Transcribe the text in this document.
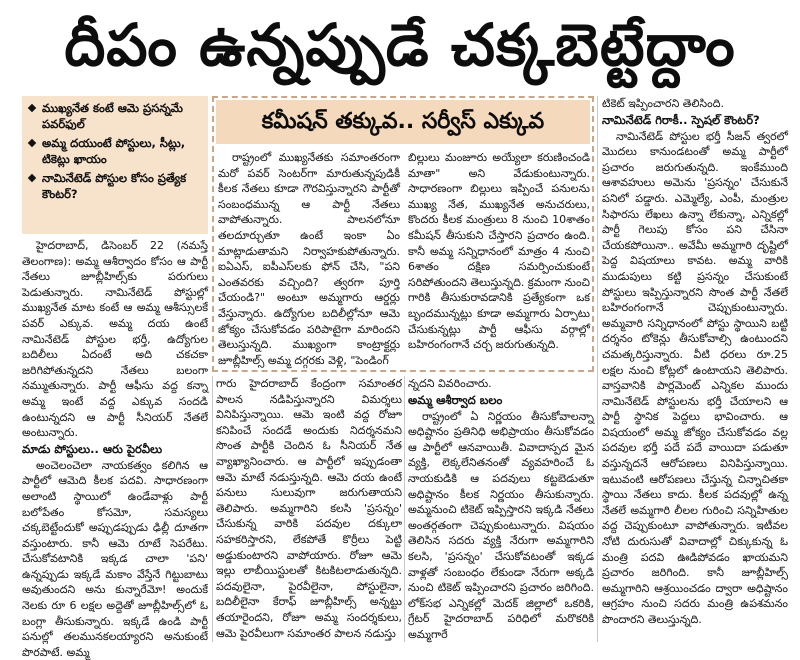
దీపం ఉన్నప్పుడే చక్కబెట్టేద్దాం
ముఖ్యనేత కంటే ఆమె ప్రసన్నమే పవర్‌ఫుల్
అమ్మ దయుంటే పోస్టులు, సీట్లు, టికెట్లు ఖాయం
నామినేటెడ్ పోస్టుల కోసం ప్రత్యేక కౌంటర్?

హైదరాబాద్, డిసెంబర్ 22 (నమస్తే తెలంగాణ): అమ్మ ఆశీర్వాదం కోసం ఆ పార్టీ నేతలు జూబ్లీహిల్స్‌కు పరుగులు పెడుతున్నారు. నామినేటెడ్ పోస్టుల్లో ముఖ్యనేత మాట కంటే ఆ అమ్మ ఆశీస్సులకే పవర్ ఎక్కువ. అమ్మ దయ ఉంటే నామినేటెడ్ పోస్టుల భర్తీ, ఉద్యోగుల బదిలీలు ఏదంటే అది చకచకా జరిగిపోతున్నదని నేతలు బలంగా నమ్ముతున్నారు. పార్టీ ఆఫీసు వద్ద కన్నా అమ్మ ఇంటే వద్ద ఎక్కువ సందడి ఉంటున్నదని ఆ పార్టీ సీనియర్ నేతలే అంటున్నారు.

మాడు పోస్టులు.. ఆరు పైరవీలు

అంచెలంచెలా నాయకత్వం కలిగిన ఆ పార్టీలో ఆమెది కీలక పదవి. సాధారణంగా అలాంటి స్థాయిలో ఉండేవాళ్లు పార్టీ బలోపేతం కోసమో, సమస్యలు చక్కబెట్టేందుకో అప్పుడప్పుడు ఢిల్లీ దూతగా వస్తుంటారు. కానీ ఆమె రూటే సెపరేటు. చేసుకోవటానికి ఇక్కడ చాలా 'పని' ఉన్నప్పుడు ఇక్కడే మకాం వేస్తేనే గిట్టుబాటు అవుతుందని అను కున్నారేమో! అందుకే నెలకు రూ 6 లక్షల అద్దెతో జూబ్లీహిల్స్‌లో ఓ బంగ్లా తీసుకున్నారు. ఇక్కడే ఉండి పార్టీ పనుల్లో తలమునకలయ్యారని అనుకుంటే పొరపాటే. అమ్మ

కమీషన్ తక్కువ.. సర్వీస్ ఎక్కువ

రాష్ట్రంలో ముఖ్యనేతకు సమాంతరంగా మరో పవర్ సెంటర్‌గా మారుతున్నపుడికీ కీలక నేతలు కూడా గౌరవిస్తున్నారని పార్టీతో సంబంధమున్న ఆ పార్టీ నేతలు వాపోతున్నారు. పాలనలోనూ తలదూర్చుతూ ఉంటే ఇంకా ఏం మాట్లాడుతామని నిర్వాహకుపోతున్నారు. ఐఏఎస్, ఐపీఎస్‌లకు ఫోన్ చేసి, "పని ఎంతవరకు వచ్చింది? త్వరగా పూర్తి చేయండి?" అంటూ అమ్మగారు ఆర్డర్లు వేస్తున్నారు. ఉద్యోగుల బదిలీల్లోనూ ఆమె జోక్యం చేసుకోవడం పరిపాటైగా మారిందని తెలుస్తున్నది. ముఖ్యంగా కాంట్రాక్టర్లు జూబ్లీహిల్స్ అమ్మ దగ్గరకు వెళ్లి, "పెండింగ్

బిల్లులు మంజూరు అయ్యేలా కరుణించండి మాతా" అని వేడుకుంటున్నారు. సాధారణంగా బిల్లులు ఇప్పించే పనులను ముఖ్య నేత, ముఖ్యనేత అనుచరులు, కొందరు కీలక మంత్రులు 8 నుంచి 10శాతం కమీషన్ తీసుకుని చేస్తారని ప్రచారం ఉంది. కానీ అమ్మ సన్నిధానంలో మాత్రం 4 నుంచి 6శాతం దక్షిణ సమర్పించుకుంటే సరిపోతుందని తెలుస్తున్నది. క్రమంగా నుంచి గారికి తీసుకురావడానికి ప్రత్యేకంగా ఒక బృందమున్నట్లు కూడా అమ్మగారు ఏర్పాటు చేసుకున్నట్లు పార్టీ ఆఫీసు వర్గాల్లో బహిరంగంగానే చర్చ జరుగుతున్నది.

గారు హైదరాబాద్ కేంద్రంగా సమాంతర పాలన నడిపిస్తున్నారని విమర్శలు వినిపిస్తున్నాయి. ఆమె ఇంటి వద్ద రోజూ కనిపించే సందడే అందుకు నిదర్శనమని సొంత పార్టీకి చెందిన ఓ సీనియర్ నేత వ్యాఖ్యానించారు. ఆ పార్టీలో ఇప్పుడంతా ఆమె మాటే నడుస్తున్నది. ఆమె దయ ఉంటే పనులు సులువుగా జరుగుతాయని తెలిపారు. అమ్మగారిని కలసి 'ప్రసన్నం' చేసుకున్న వారికి పదవుల దక్కులా సహకరిస్తారని, లేకపోతే కొర్రీలు పెట్టి అడ్డుకుంటారని వాపోయారు. రోజూ ఆమె ఇల్లు లాబీయిస్టులతో కిటకిటలాడుతున్నది. పదవులైనా, పైరవీలైనా, పోస్టులైనా, బదిలీలైనా కేరాఫ్ జూబ్లీహిల్స్ అన్నట్టు తయారైందని, రోజూ అమ్మ సందర్శకులు, ఆమె పైరవీలుగా సమాంతర పాలన నడుస్తు

న్నదని వివరించారు.

అమ్మ ఆశీర్వాద బలం

రాష్ట్రంలో ఏ నిర్ణయం తీసుకోవాలన్నా అధిష్టానం ప్రతినిధి అభిప్రాయం తీసుకోవడం ఆ పార్టీలో ఆనవాయితీ. వివాదాస్పద మైన వ్యక్తి, లెక్కలేనితనంతో వ్యవహరించే ఓ నాయకుడికి ఆ పదవులు కట్టబెడుతూ అధిష్టానం కీలక నిర్ణయం తీసుకున్నారు. అమ్మనుంచి టికెట్ ఇప్పిస్తారని ఇక్కడి నేతలు అంతర్గతంగా చెప్పుకుంటున్నారు. విషయం తెలిసిన సదరు వ్యక్తి నేరుగా అమ్మగారిని కలసి, 'ప్రసన్నం' చేసుకోవటంతో ఇక్కడ వాళ్లతో సంబంధం లేకుండా నేరుగా అక్కడి నుంచి టికెట్ ఇప్పించారని ప్రచారం జరిగింది. లోక్‌సభ ఎన్నికల్లో మెదక్ జిల్లాలో ఒకరికి, గ్రేటర్ హైదరాబాద్ పరిధిలో మరొకరికి అమ్మగారే

టికెట్ ఇప్పించారని తెలిసింది.

నామినేటెడ్ గిరాకీ.. స్పెషల్ కౌంటర్?

నామినేటెడ్ పోస్టుల భర్తీ సీజన్ త్వరలో మొదలు కానుండటంతో అమ్మ పార్టీలో ప్రచారం జరుగుతున్నది. ఇంకేముంది ఆశావహులు అమెను 'ప్రసన్నం' చేసుకునే పనిలో పడ్డారు. ఎమ్మెల్యే, ఎంపీ, మంత్రుల సిఫారసు లేఖలు ఉన్నా లేకున్నా, ఎన్నికల్లో పార్టీ గెలుపు కోసం పని చేసినా చేయకపోయినా.. అవేమీ అమ్మగారి దృష్టిలో పెద్ద విషయాలు కావట. అమ్మ వారికి ముడుపులు కట్టి ప్రసన్నం చేసుకుంటే పోస్టులు ఇప్పిస్తున్నారని సొంత పార్టీ నేతలే బహిరంగంగానే చెప్పుకుంటున్నారు. అమ్మవారి సన్నిధానంలో పోస్టు స్థాయిని బట్టి దర్శనం టోకెన్లు తీసుకోవాల్సి ఉంటుందని చమత్కరిస్తున్నారు. వీటి ధరలు రూ.25 లక్షల నుంచి కోట్లలో ఉంటాయని తెలిపారు. వాస్తవానికి పార్లమెంట్ ఎన్నికల ముందు నామినేటెడ్ పోస్టులను భర్తీ చేయాలని ఆ పార్టీ స్థానిక పెద్దలు భావించారు. ఆ విషయంలో అమ్మ జోక్యం చేసుకోవడం వల్ల పదవుల భర్తీ పదే పదే వాయిదా పడుతూ వస్తున్నదనే ఆరోపణలు వినిపిస్తున్నాయి. ఇటువంటి ఆరోపణలు చేస్తున్న చిన్నాచితకా స్థాయి నేతలు కాదు. కీలక పదవుల్లో ఉన్న నేతలే అమ్మగారి లీలల గురించి సన్నిహితుల వద్ద చెప్పుకుంటూ వాపోతున్నారు. ఇటీవల నోటి దురుసుతో వివాదాల్లో చిక్కుకున్న ఓ మంత్రి పదవి ఊడిపోవడం ఖాయమని ప్రచారం జరిగింది. కానీ జూబ్లీహిల్స్ అమ్మగారిని ఆశ్రయించడం ద్వారా అధిష్టానం ఆగ్రహం నుంచి సదరు మంత్రి ఉపశమనం పొందారని తెలుస్తున్నది.
